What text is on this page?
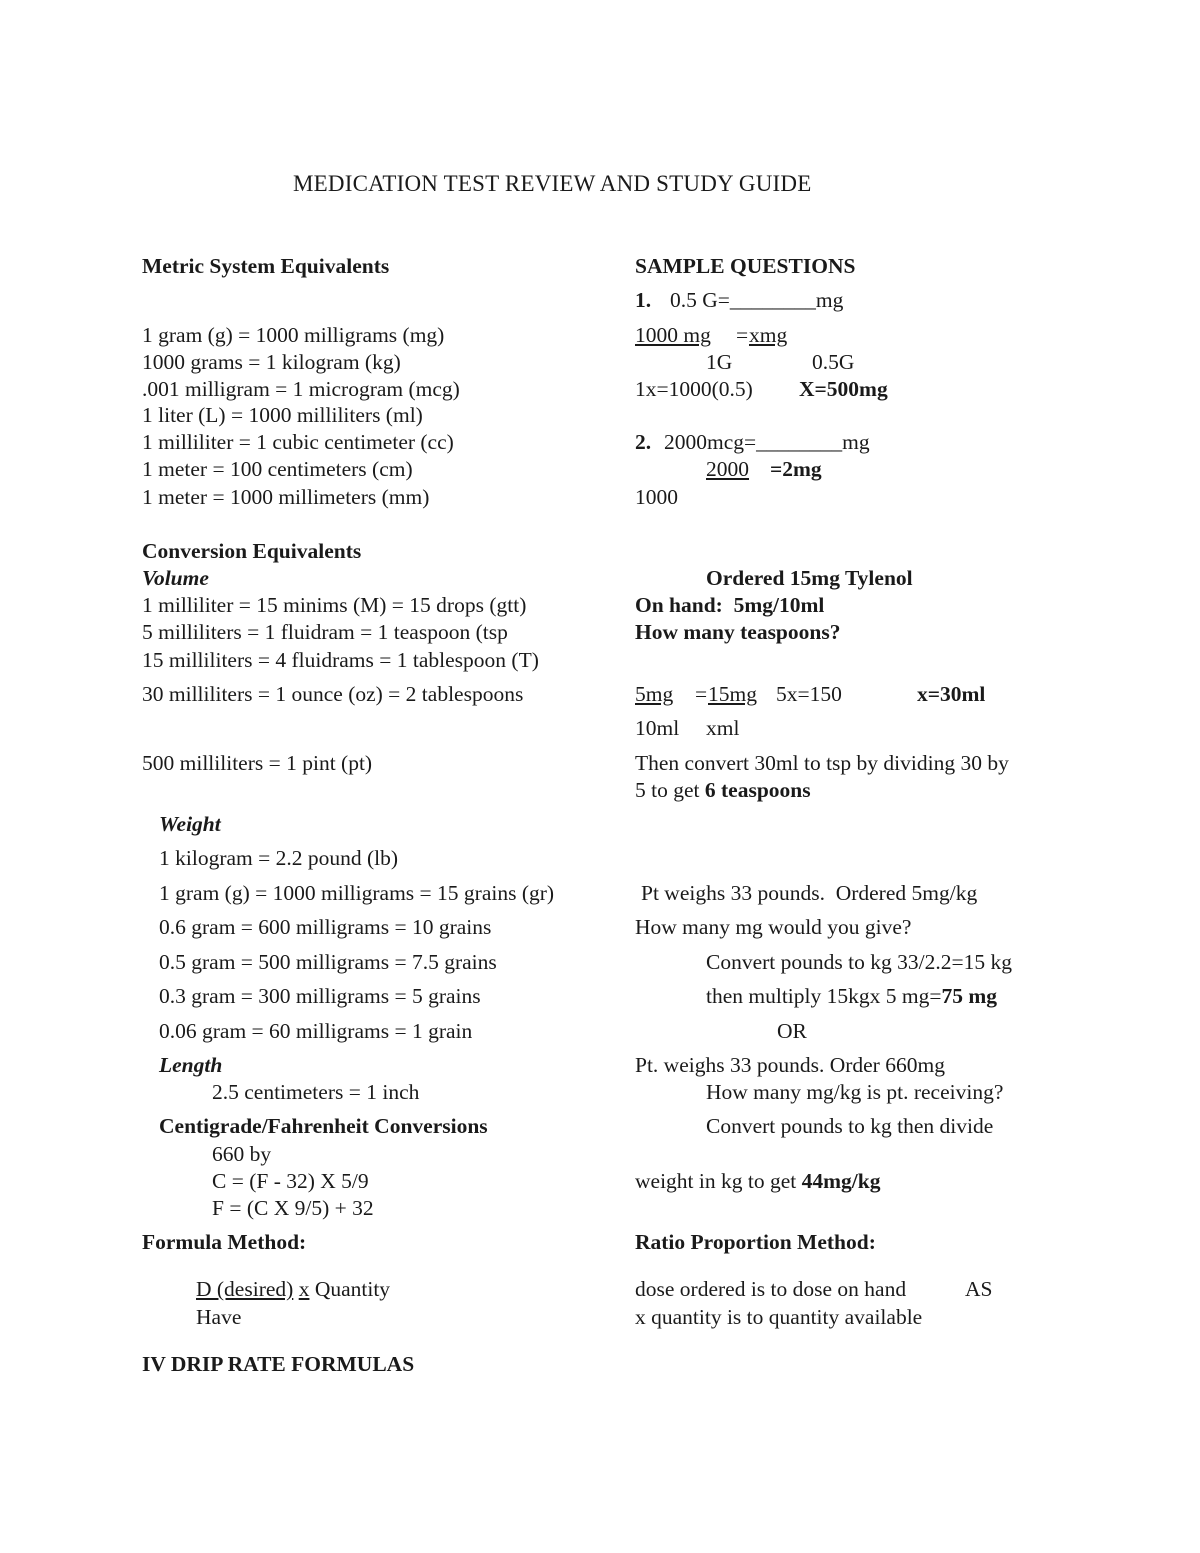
MEDICATION TEST REVIEW AND STUDY GUIDE
Metric System Equivalents
1 gram (g) = 1000 milligrams (mg)
1000 grams = 1 kilogram (kg)
.001 milligram = 1 microgram (mcg)
1 liter (L) = 1000 milliliters (ml)
1 milliliter = 1 cubic centimeter (cc)
1 meter = 100 centimeters (cm)
1 meter = 1000 millimeters (mm)
Conversion Equivalents
Volume
1 milliliter = 15 minims (M) = 15 drops (gtt)
5 milliliters = 1 fluidram = 1 teaspoon (tsp
15 milliliters = 4 fluidrams = 1 tablespoon (T)
30 milliliters = 1 ounce (oz) = 2 tablespoons
500 milliliters = 1 pint (pt)
Weight
1 kilogram = 2.2 pound (lb)
1 gram (g) = 1000 milligrams = 15 grains (gr)
0.6 gram = 600 milligrams = 10 grains
0.5 gram = 500 milligrams = 7.5 grains
0.3 gram = 300 milligrams = 5 grains
0.06 gram = 60 milligrams = 1 grain
Length
2.5 centimeters = 1 inch
Centigrade/Fahrenheit Conversions
660 by
C = (F - 32) X 5/9
F = (C X 9/5) + 32
Formula Method:
D (desired) x Quantity
Have
IV DRIP RATE FORMULAS
SAMPLE QUESTIONS
1. 0.5 G=________mg
1000 mg = xmg
1G	0.5G
1x=1000(0.5) X=500mg
2. 2000mcg=________mg
2000 =2mg
1000
Ordered 15mg Tylenol
On hand:  5mg/10ml
How many teaspoons?
5mg = 15mg 5x=150	x=30ml
10ml xml
Then convert 30ml to tsp by dividing 30 by
5 to get 6 teaspoons
Pt weighs 33 pounds.  Ordered 5mg/kg
How many mg would you give?
Convert pounds to kg 33/2.2=15 kg
then multiply 15kgx 5 mg=75 mg
OR
Pt. weighs 33 pounds. Order 660mg
How many mg/kg is pt. receiving?
Convert pounds to kg then divide
weight in kg to get 44mg/kg
Ratio Proportion Method:
dose ordered is to dose on hand	AS
x quantity is to quantity available
